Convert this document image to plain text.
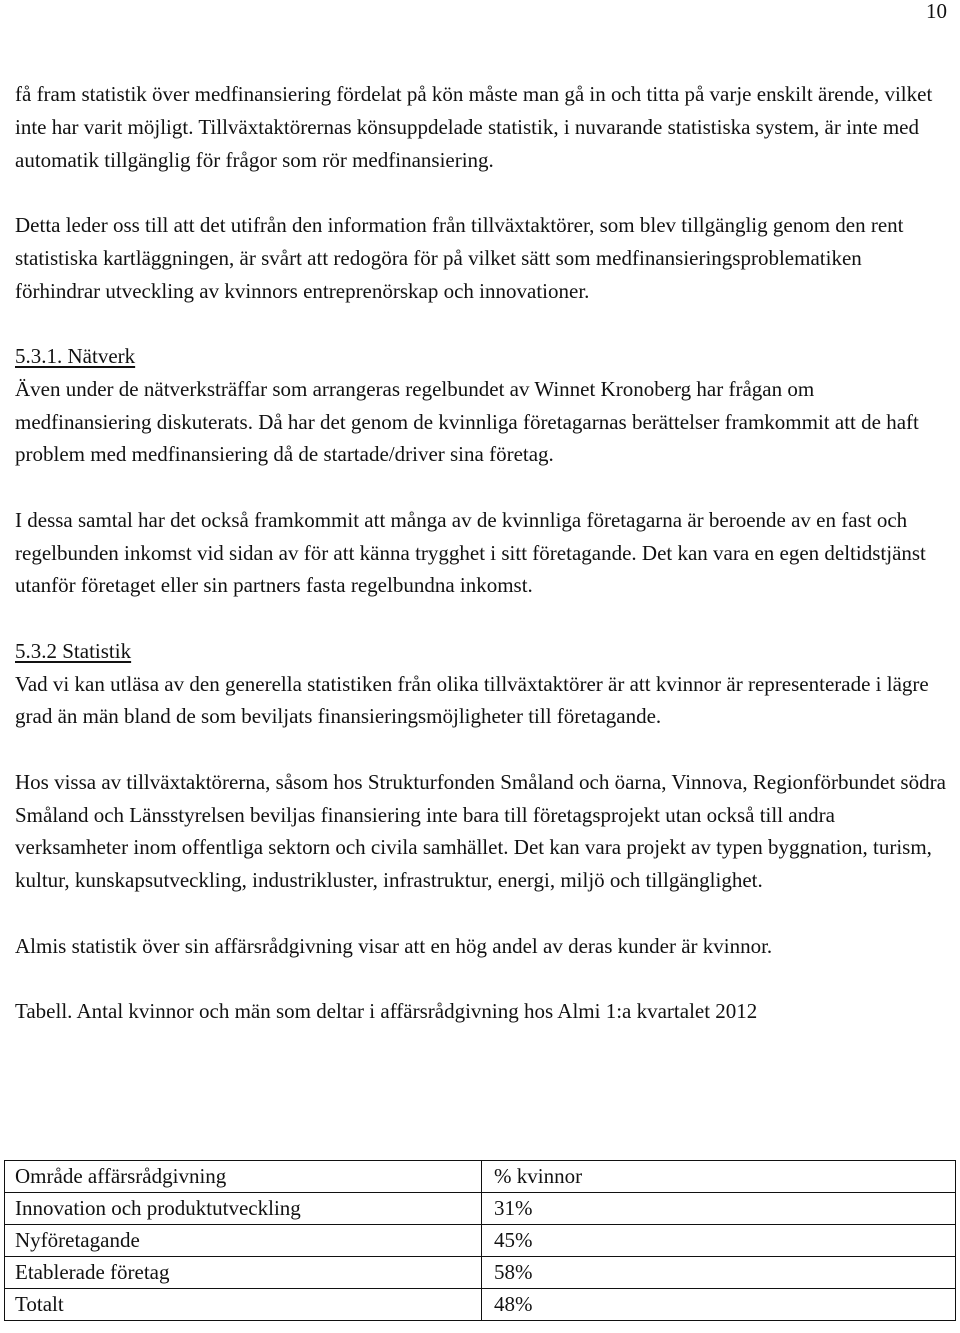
10

få fram statistik över medfinansiering fördelat på kön måste man gå in och titta på varje enskilt ärende, vilket inte har varit möjligt. Tillväxtaktörernas könsuppdelade statistik, i nuvarande statistiska system, är inte med automatik tillgänglig för frågor som rör medfinansiering.

Detta leder oss till att det utifrån den information från tillväxtaktörer, som blev tillgänglig genom den rent statistiska kartläggningen, är svårt att redogöra för på vilket sätt som medfinansieringsproblematiken förhindrar utveckling av kvinnors entreprenörskap och innovationer.

5.3.1. Nätverk

Även under de nätverksträffar som arrangeras regelbundet av Winnet Kronoberg har frågan om medfinansiering diskuterats. Då har det genom de kvinnliga företagarnas berättelser framkommit att de haft problem med medfinansiering då de startade/driver sina företag.

I dessa samtal har det också framkommit att många av de kvinnliga företagarna är beroende av en fast och regelbunden inkomst vid sidan av för att känna trygghet i sitt företagande. Det kan vara en egen deltidstjänst utanför företaget eller sin partners fasta regelbundna inkomst.

5.3.2 Statistik

Vad vi kan utläsa av den generella statistiken från olika tillväxtaktörer är att kvinnor är representerade i lägre grad än män bland de som beviljats finansieringsmöjligheter till företagande.

Hos vissa av tillväxtaktörerna, såsom hos Strukturfonden Småland och öarna, Vinnova, Regionförbundet södra Småland och Länsstyrelsen beviljas finansiering inte bara till företagsprojekt utan också till andra verksamheter inom offentliga sektorn och civila samhället. Det kan vara projekt av typen byggnation, turism, kultur, kunskapsutveckling, industrikluster, infrastruktur, energi, miljö och tillgänglighet.

Almis statistik över sin affärsrådgivning visar att en hög andel av deras kunder är kvinnor.

Tabell. Antal kvinnor och män som deltar i affärsrådgivning hos Almi 1:a kvartalet 2012

Område affärsrådgivning	% kvinnor
Innovation och produktutveckling	31%
Nyföretagande	45%
Etablerade företag	58%
Totalt	48%
